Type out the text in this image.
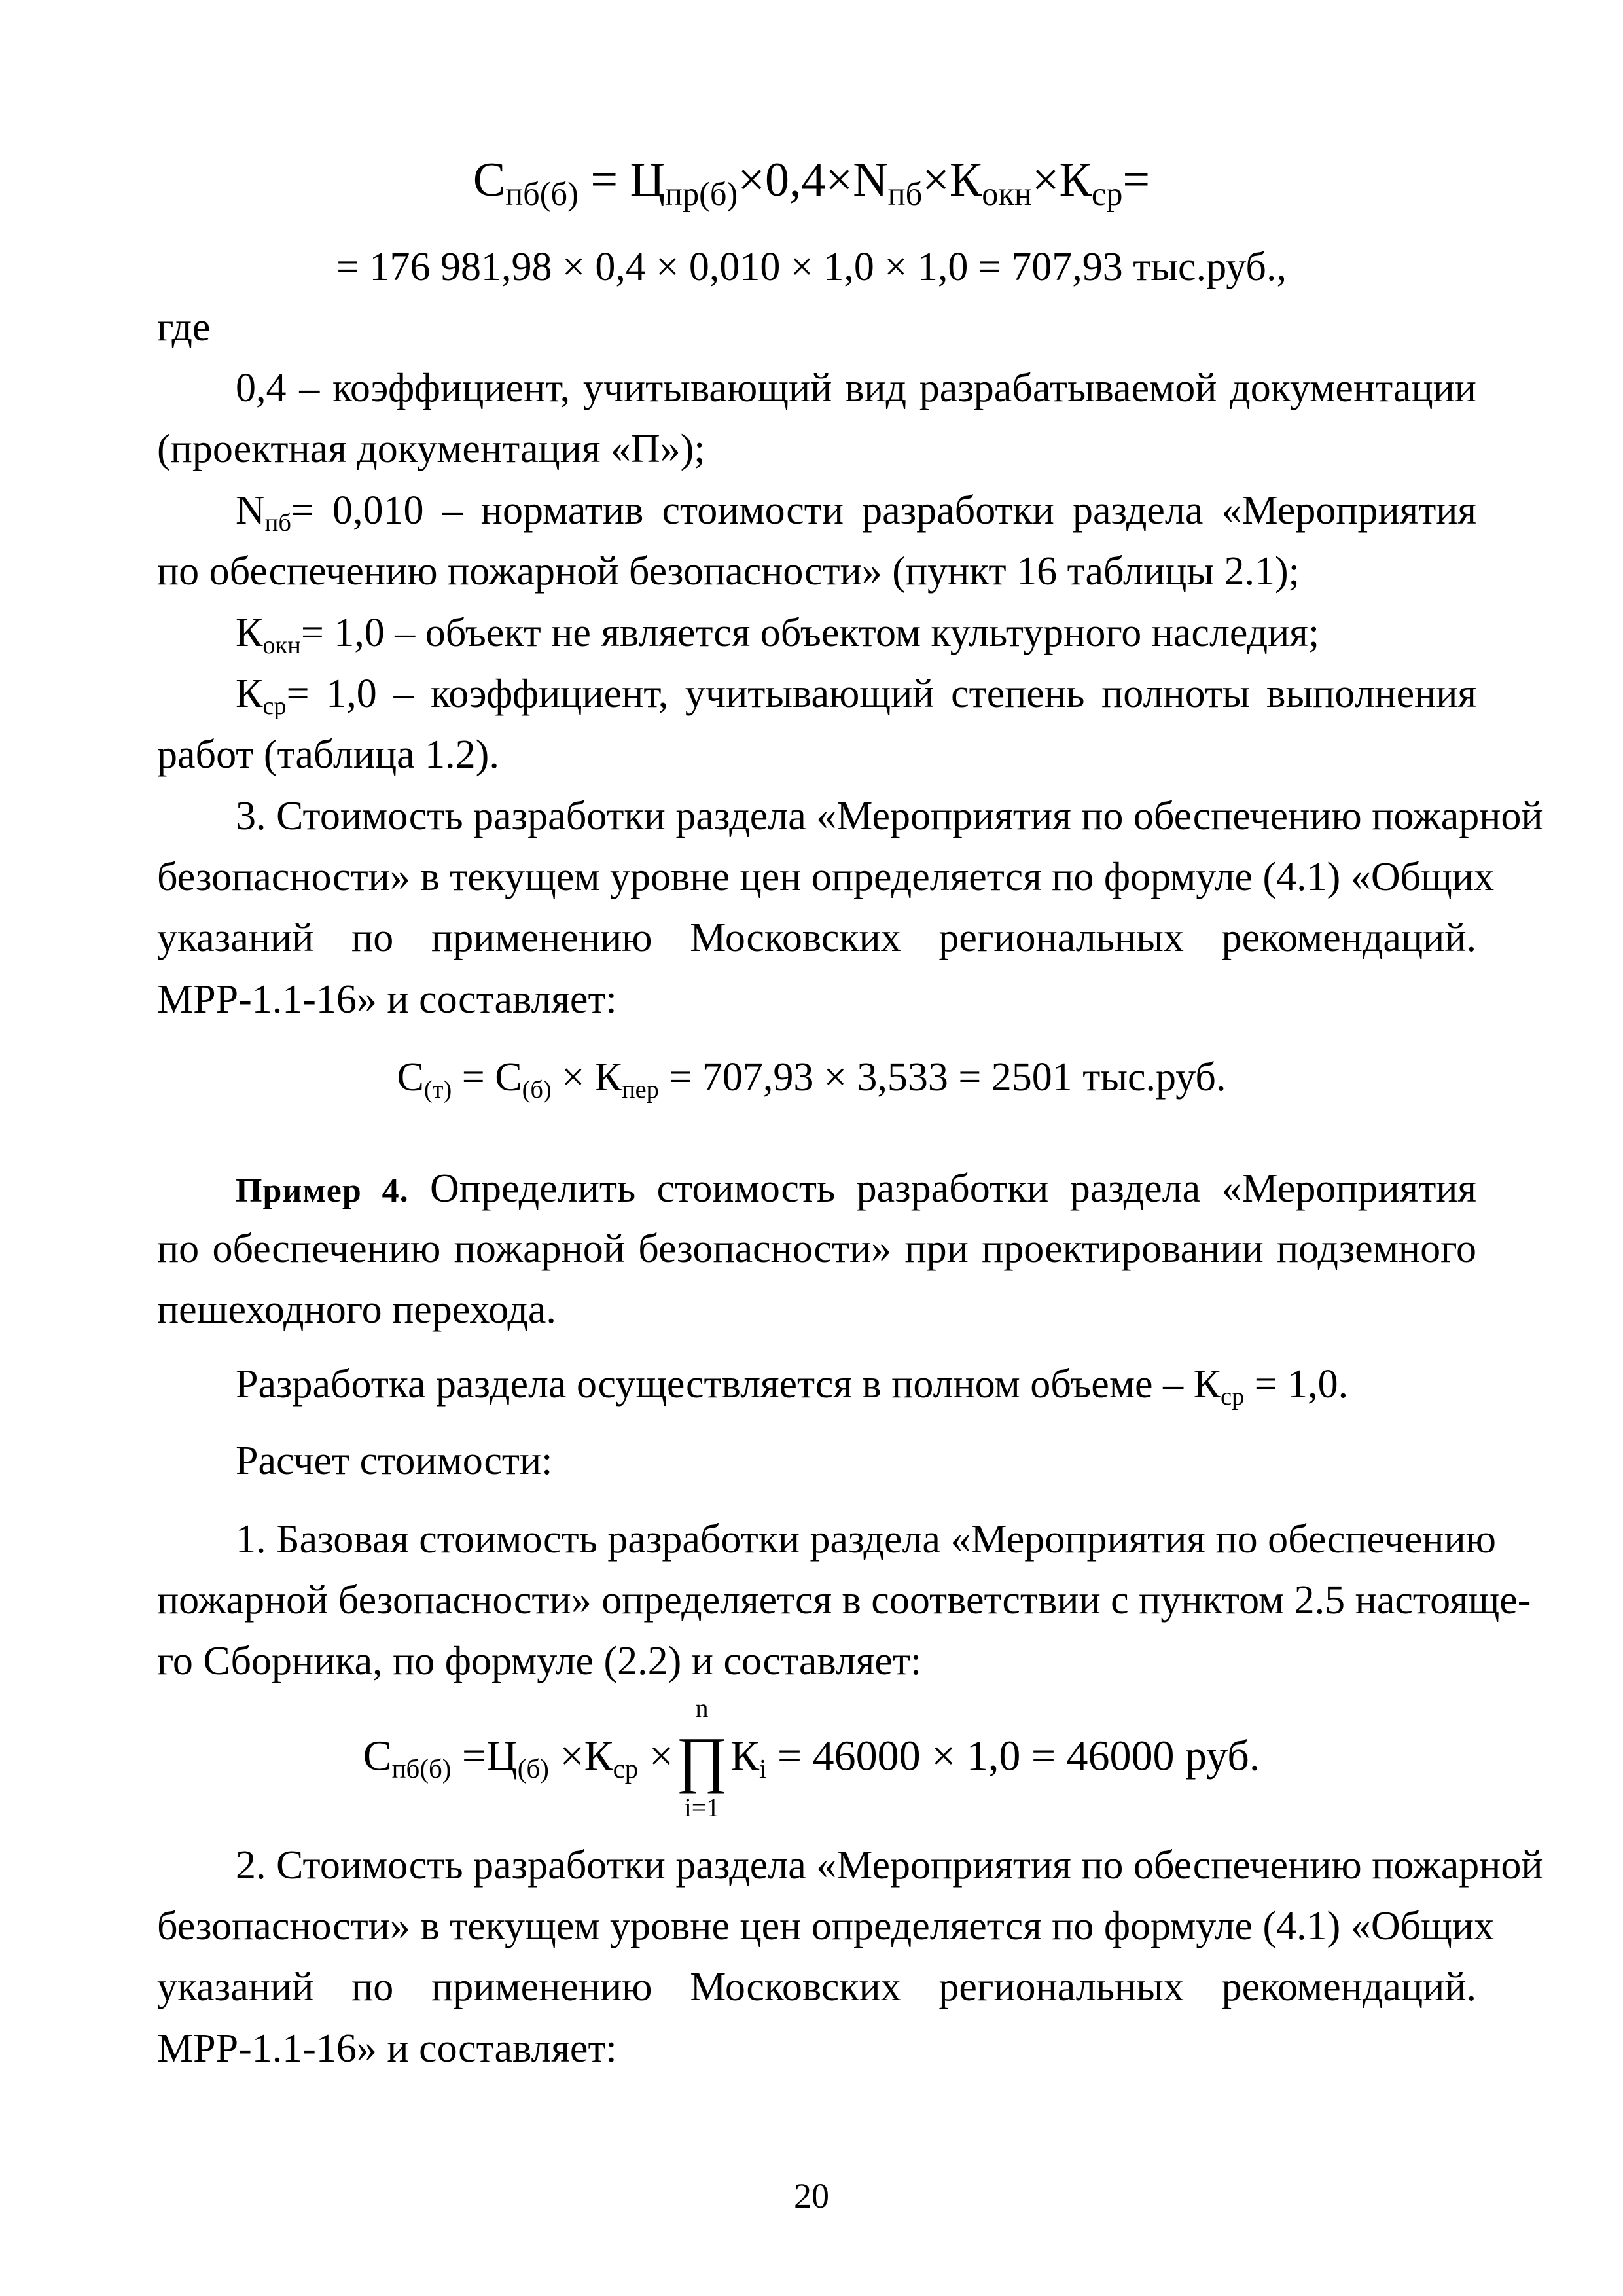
$С_{пб(б)} = Ц_{пр(б)}\times 0,4\times N_{пб}\times К_{окн}\times К_{ср}=$
= 176 981,98 × 0,4 × 0,010 × 1,0 × 1,0 = 707,93 тыс.руб.,
где
0,4 – коэффициент, учитывающий вид разрабатываемой документации
(проектная документация «П»);
$N_{пб}= 0,010$ – норматив стоимости разработки раздела «Мероприятия
по обеспечению пожарной безопасности» (пункт 16 таблицы 2.1);
$К_{окн}= 1,0$ – объект не является объектом культурного наследия;
$К_{ср}= 1,0$ – коэффициент, учитывающий степень полноты выполнения
работ (таблица 1.2).
3. Стоимость разработки раздела «Мероприятия по обеспечению пожарной
безопасности» в текущем уровне цен определяется по формуле (4.1) «Общих
указаний по применению Московских региональных рекомендаций.
МРР-1.1-16» и составляет:
$С_{(т)} = С_{(б)} \times К_{пер} = 707,93 \times 3,533 = 2501$ тыс.руб.
Пример 4. Определить стоимость разработки раздела «Мероприятия
по обеспечению пожарной безопасности» при проектировании подземного
пешеходного перехода.
Разработка раздела осуществляется в полном объеме – $К_{ср} = 1,0$.
Расчет стоимости:
1. Базовая стоимость разработки раздела «Мероприятия по обеспечению
пожарной безопасности» определяется в соответствии с пунктом 2.5 настояще-
го Сборника, по формуле (2.2) и составляет:
$С_{пб(б)} =Ц_{(б)} \times К_{ср}$ ×
n
∏
i=1
$К_i = 46000 \times 1,0 = 46000$ руб.
2. Стоимость разработки раздела «Мероприятия по обеспечению пожарной
безопасности» в текущем уровне цен определяется по формуле (4.1) «Общих
указаний по применению Московских региональных рекомендаций.
МРР-1.1-16» и составляет:
20
